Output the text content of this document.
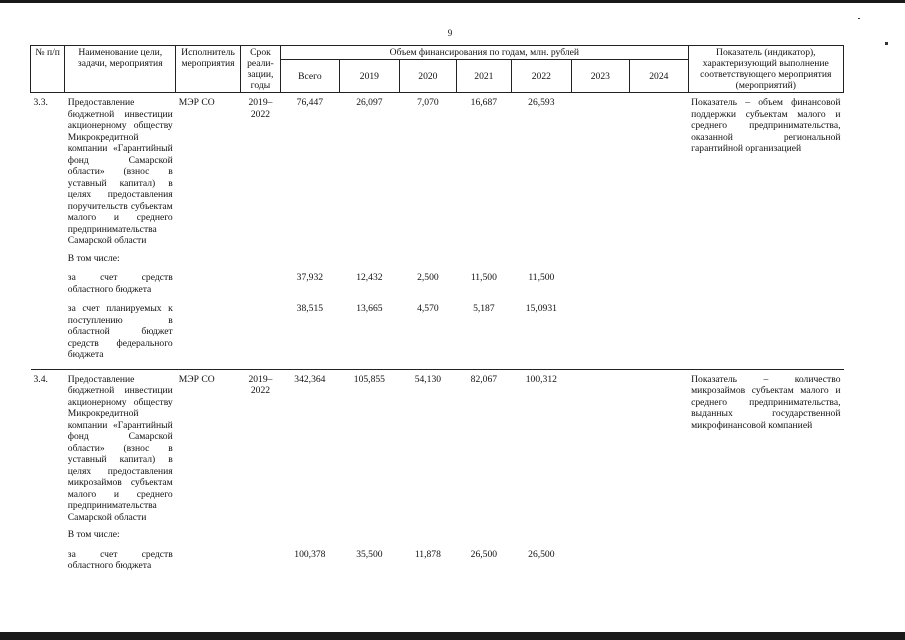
9
№ п/п	Наименование цели, задачи, мероприятия	Исполнитель мероприятия	Срок реали- зации, годы	Объем финансирования по годам, млн. рублей							Показатель (индикатор), характеризующий выполнение соответствующего мероприятия (мероприятий)
				Всего	2019	2020	2021	2022	2023	2024	
3.3.	Предоставление бюджетной инвестиции акционерному обществу Микрокредитной компании «Гарантийный фонд Самарской области» (взнос в уставный капитал) в целях предоставления поручительств субъектам малого и среднего предпринимательства Самарской области	МЭР СО	2019–2022	76,447	26,097	7,070	16,687	26,593			Показатель – объем финансовой поддержки субъектам малого и среднего предпринимательства, оказанной региональной гарантийной организацией
	В том числе:										
	за счет средств областного бюджета			37,932	12,432	2,500	11,500	11,500			
	за счет планируемых к поступлению в областной бюджет средств федерального бюджета			38,515	13,665	4,570	5,187	15,0931			
3.4.	Предоставление бюджетной инвестиции акционерному обществу Микрокредитной компании «Гарантийный фонд Самарской области» (взнос в уставный капитал) в целях предоставления микрозаймов субъектам малого и среднего предпринимательства Самарской области	МЭР СО	2019–2022	342,364	105,855	54,130	82,067	100,312			Показатель – количество микрозаймов субъектам малого и среднего предпринимательства, выданных государственной микрофинансовой компанией
	В том числе:										
	за счет средств областного бюджета			100,378	35,500	11,878	26,500	26,500			
